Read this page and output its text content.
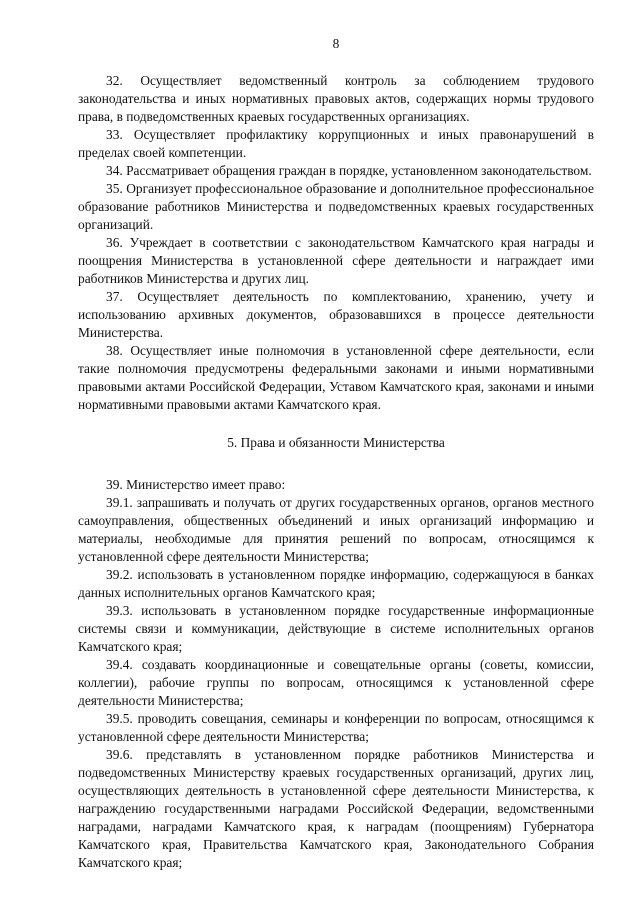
8

32. Осуществляет ведомственный контроль за соблюдением трудового законодательства и иных нормативных правовых актов, содержащих нормы трудового права, в подведомственных краевых государственных организациях.

33. Осуществляет профилактику коррупционных и иных правонарушений в пределах своей компетенции.

34. Рассматривает обращения граждан в порядке, установленном законодательством.

35. Организует профессиональное образование и дополнительное профессиональное образование работников Министерства и подведомственных краевых государственных организаций.

36. Учреждает в соответствии с законодательством Камчатского края награды и поощрения Министерства в установленной сфере деятельности и награждает ими работников Министерства и других лиц.

37. Осуществляет деятельность по комплектованию, хранению, учету и использованию архивных документов, образовавшихся в процессе деятельности Министерства.

38. Осуществляет иные полномочия в установленной сфере деятельности, если такие полномочия предусмотрены федеральными законами и иными нормативными правовыми актами Российской Федерации, Уставом Камчатского края, законами и иными нормативными правовыми актами Камчатского края.

5. Права и обязанности Министерства

39. Министерство имеет право:

39.1. запрашивать и получать от других государственных органов, органов местного самоуправления, общественных объединений и иных организаций информацию и материалы, необходимые для принятия решений по вопросам, относящимся к установленной сфере деятельности Министерства;

39.2. использовать в установленном порядке информацию, содержащуюся в банках данных исполнительных органов Камчатского края;

39.3. использовать в установленном порядке государственные информационные системы связи и коммуникации, действующие в системе исполнительных органов Камчатского края;

39.4. создавать координационные и совещательные органы (советы, комиссии, коллегии), рабочие группы по вопросам, относящимся к установленной сфере деятельности Министерства;

39.5. проводить совещания, семинары и конференции по вопросам, относящимся к установленной сфере деятельности Министерства;

39.6. представлять в установленном порядке работников Министерства и подведомственных Министерству краевых государственных организаций, других лиц, осуществляющих деятельность в установленной сфере деятельности Министерства, к награждению государственными наградами Российской Федерации, ведомственными наградами, наградами Камчатского края, к наградам (поощрениям) Губернатора Камчатского края, Правительства Камчатского края, Законодательного Собрания Камчатского края;
